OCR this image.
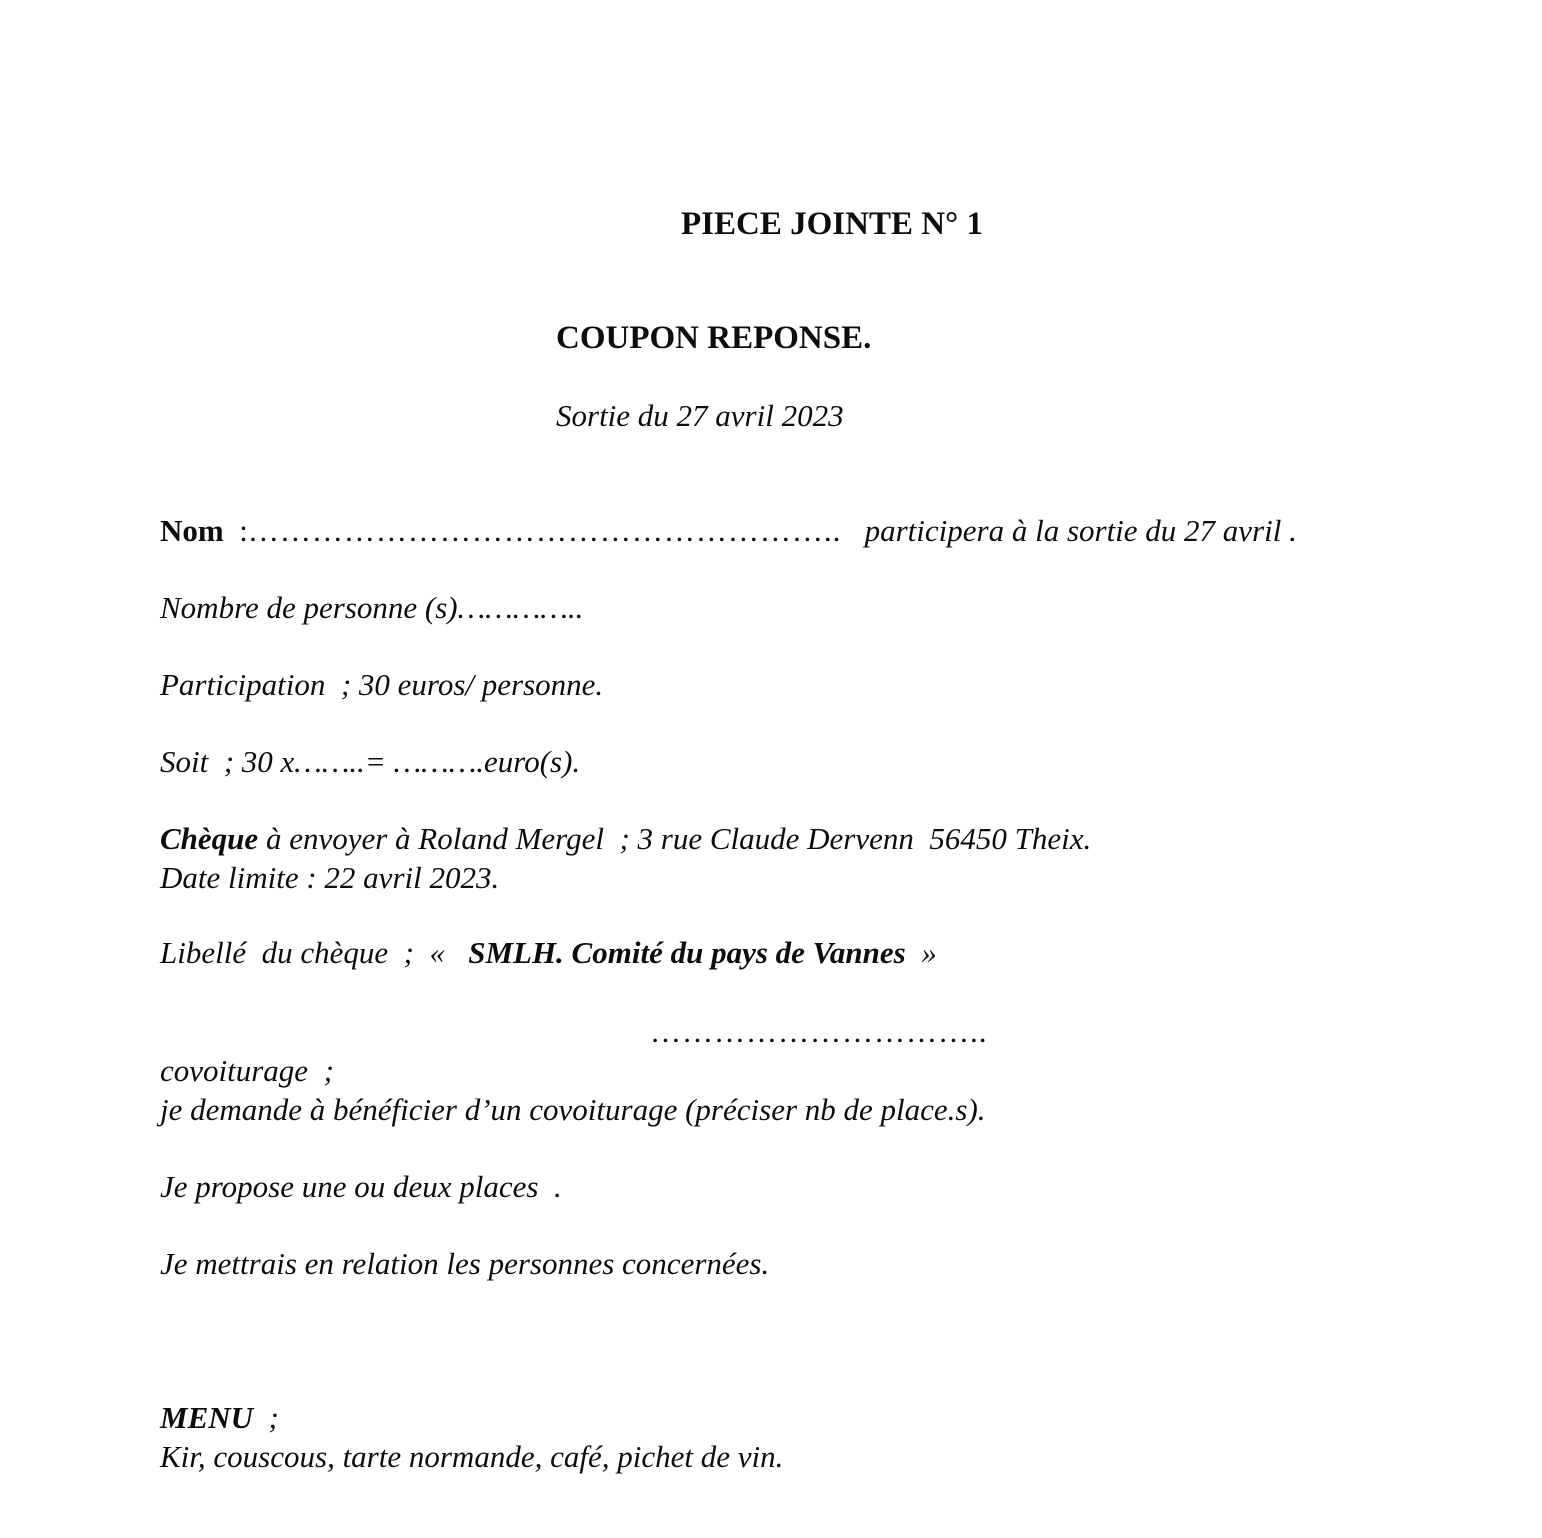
PIECE JOINTE N° 1
COUPON REPONSE.

Sortie du 27 avril 2023

Nom  :………………………………………………..   participera à la sortie du 27 avril .

Nombre de personne (s)…………..

Participation  ; 30 euros/ personne.

Soit  ; 30 x……..= ……….euro(s).

Chèque à envoyer à Roland Mergel  ; 3 rue Claude Dervenn  56450 Theix.
Date limite : 22 avril 2023.

Libellé  du chèque  ;  «   SMLH. Comité du pays de Vannes  »

…………………………..

covoiturage  ;
je demande à bénéficier d’un covoiturage (préciser nb de place.s).

Je propose une ou deux places  .

Je mettrais en relation les personnes concernées.

MENU  ;
Kir, couscous, tarte normande, café, pichet de vin.
